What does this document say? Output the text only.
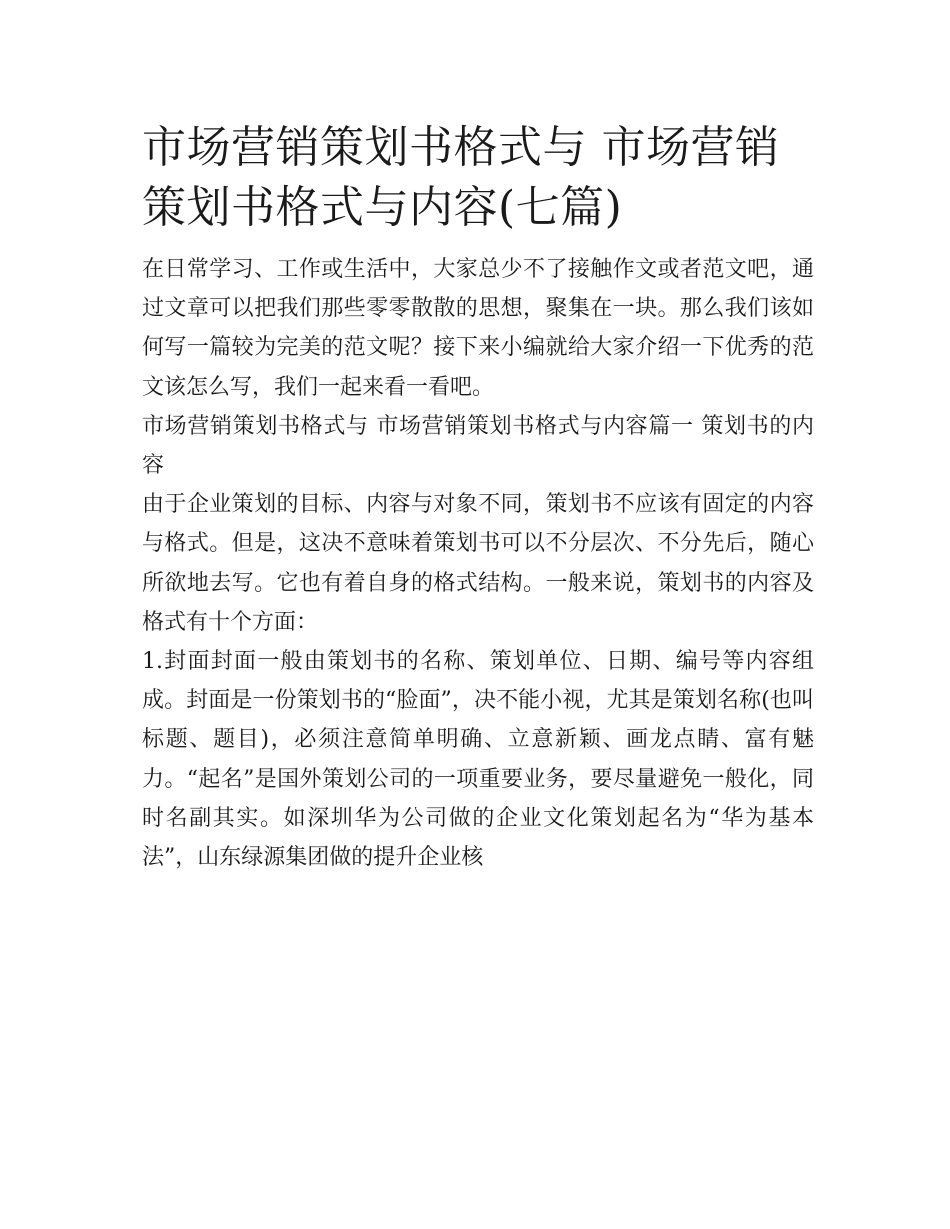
市场营销策划书格式与 市场营销策划书格式与内容(七篇)

在日常学习、工作或生活中，大家总少不了接触作文或者范文吧，通过文章可以把我们那些零零散散的思想，聚集在一块。那么我们该如何写一篇较为完美的范文呢？接下来小编就给大家介绍一下优秀的范文该怎么写，我们一起来看一看吧。

市场营销策划书格式与 市场营销策划书格式与内容篇一 策划书的内容

由于企业策划的目标、内容与对象不同，策划书不应该有固定的内容与格式。但是，这决不意味着策划书可以不分层次、不分先后，随心所欲地去写。它也有着自身的格式结构。一般来说，策划书的内容及格式有十个方面：

1.封面封面一般由策划书的名称、策划单位、日期、编号等内容组成。封面是一份策划书的“脸面”，决不能小视，尤其是策划名称(也叫标题、题目)，必须注意简单明确、立意新颖、画龙点睛、富有魅力。“起名”是国外策划公司的一项重要业务，要尽量避免一般化，同时名副其实。如深圳华为公司做的企业文化策划起名为“华为基本法”，山东绿源集团做的提升企业核
